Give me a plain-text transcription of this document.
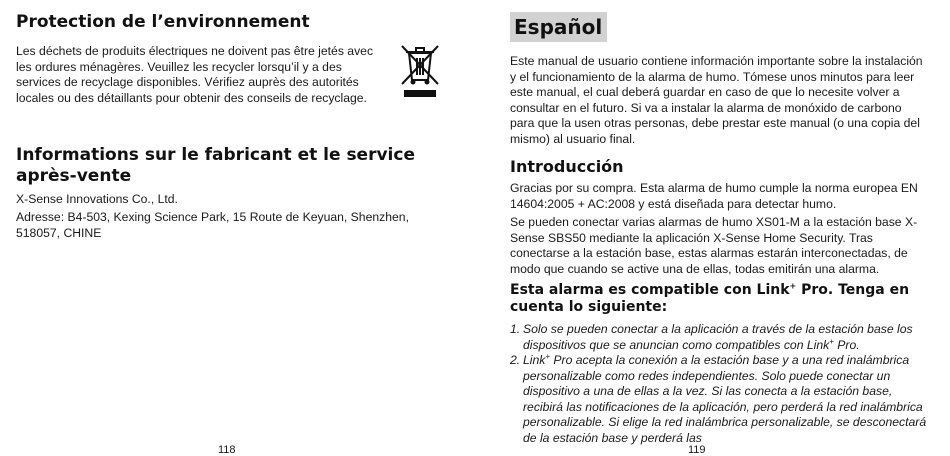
Protection de l’environnement

Les déchets de produits électriques ne doivent pas être jetés avec les ordures ménagères. Veuillez les recycler lorsqu’il y a des services de recyclage disponibles. Vérifiez auprès des autorités locales ou des détaillants pour obtenir des conseils de recyclage.

Informations sur le fabricant et le service après-vente

X-Sense Innovations Co., Ltd.

Adresse: B4-503, Kexing Science Park, 15 Route de Keyuan, Shenzhen, 518057, CHINE

118
Español

Este manual de usuario contiene información importante sobre la instalación y el funcionamiento de la alarma de humo. Tómese unos minutos para leer este manual, el cual deberá guardar en caso de que lo necesite volver a consultar en el futuro. Si va a instalar la alarma de monóxido de carbono para que la usen otras personas, debe prestar este manual (o una copia del mismo) al usuario final.

Introducción

Gracias por su compra. Esta alarma de humo cumple la norma europea EN 14604:2005 + AC:2008 y está diseñada para detectar humo.

Se pueden conectar varias alarmas de humo XS01-M a la estación base X-Sense SBS50 mediante la aplicación X-Sense Home Security. Tras conectarse a la estación base, estas alarmas estarán interconectadas, de modo que cuando se active una de ellas, todas emitirán una alarma.

Esta alarma es compatible con Link+ Pro. Tenga en cuenta lo siguiente:
1. Solo se pueden conectar a la aplicación a través de la estación base los dispositivos que se anuncian como compatibles con Link+ Pro.
2. Link+ Pro acepta la conexión a la estación base y a una red inalámbrica personalizable como redes independientes. Solo puede conectar un dispositivo a una de ellas a la vez. Si las conecta a la estación base, recibirá las notificaciones de la aplicación, pero perderá la red inalámbrica personalizable. Si elige la red inalámbrica personalizable, se desconectará de la estación base y perderá las
119
